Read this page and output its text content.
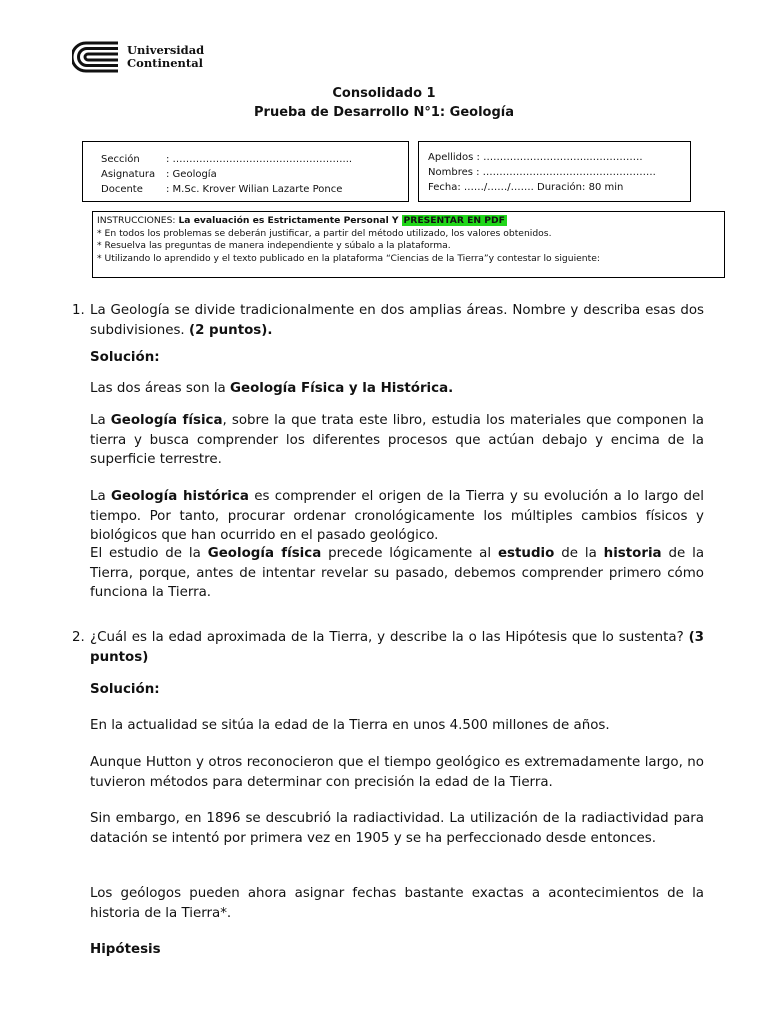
Universidad
Continental
Consolidado 1
Prueba de Desarrollo N°1: Geología
Sección	: ……………………………………………...
Asignatura	: Geología
Docente	: M.Sc. Krover Wilian Lazarte Ponce
Apellidos : …………………………..…………….
Nombres : …………………………………………….
Fecha:
……/……/…….
Duración:
80 min
INSTRUCCIONES: La evaluación es Estrictamente Personal Y PRESENTAR EN PDF
* En todos los problemas se deberán justificar, a partir del método utilizado, los valores obtenidos.
* Resuelva las preguntas de manera independiente y súbalo a la plataforma.
* Utilizando lo aprendido y el texto publicado en la plataforma “Ciencias de la Tierra”y contestar lo siguiente:
1. La Geología se divide tradicionalmente en dos amplias áreas. Nombre y describa esas dos subdivisiones. (2 puntos).

Solución:

Las dos áreas son la Geología Física y la Histórica.

La Geología física, sobre la que trata este libro, estudia los materiales que componen la tierra y busca comprender los diferentes procesos que actúan debajo y encima de la superficie terrestre.

La Geología histórica es comprender el origen de la Tierra y su evolución a lo largo del tiempo. Por tanto, procurar ordenar cronológicamente los múltiples cambios físicos y biológicos que han ocurrido en el pasado geológico.

El estudio de la Geología física precede lógicamente al estudio de la historia de la Tierra, porque, antes de intentar revelar su pasado, debemos comprender primero cómo funciona la Tierra.

2. ¿Cuál es la edad aproximada de la Tierra, y describe la o las Hipótesis que lo sustenta? (3 puntos)

Solución:

En la actualidad se sitúa la edad de la Tierra en unos 4.500 millones de años.

Aunque Hutton y otros reconocieron que el tiempo geológico es extremadamente largo, no tuvieron métodos para determinar con precisión la edad de la Tierra.

Sin embargo, en 1896 se descubrió la radiactividad. La utilización de la radiactividad para datación se intentó por primera vez en 1905 y se ha perfeccionado desde entonces.

Los geólogos pueden ahora asignar fechas bastante exactas a acontecimientos de la historia de la Tierra*.

Hipótesis
